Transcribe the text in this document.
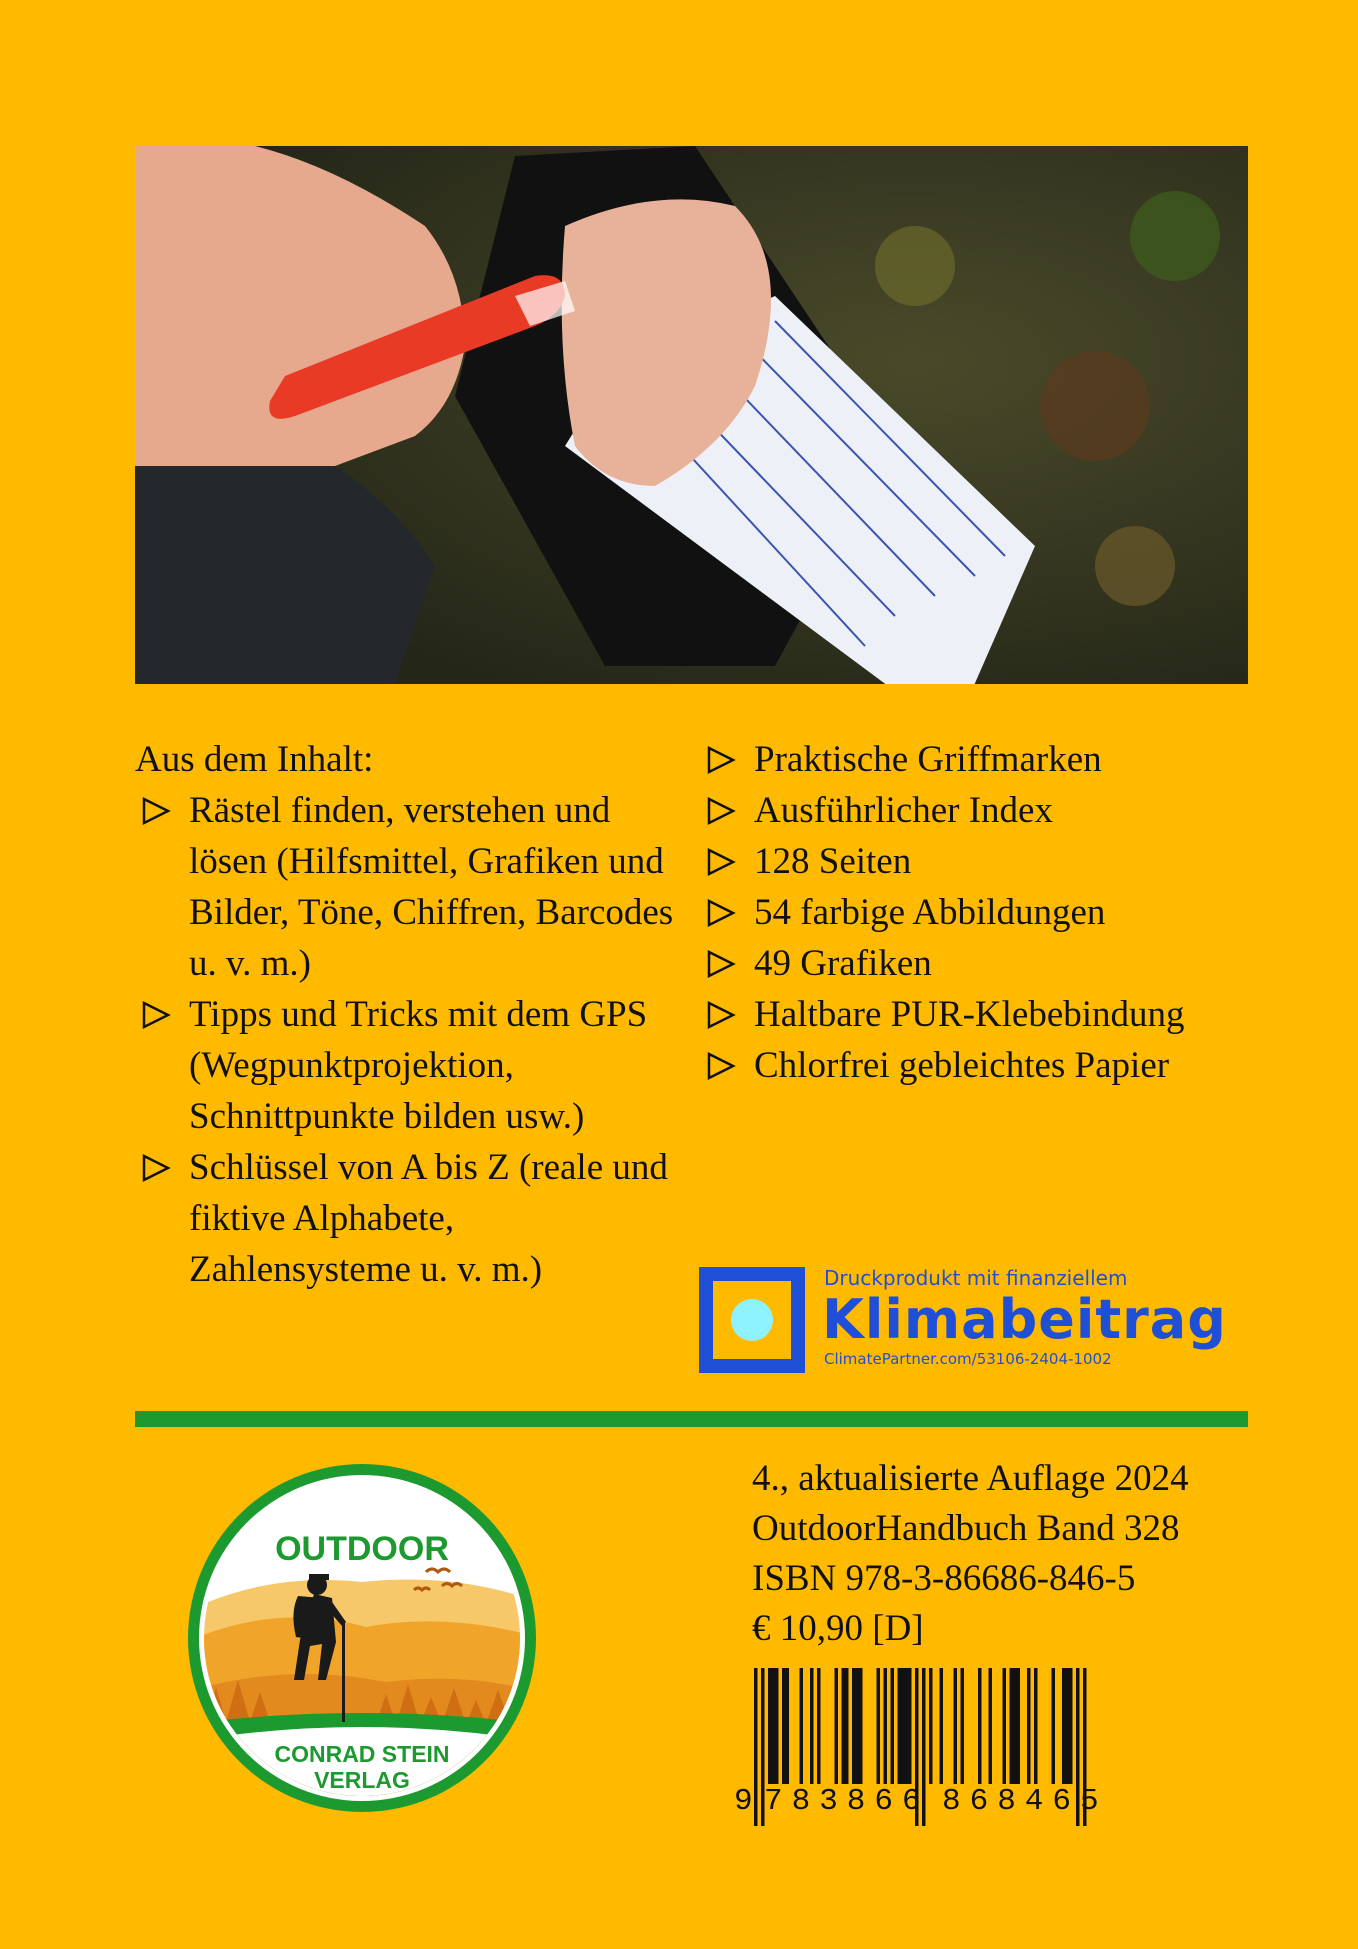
Aus dem Inhalt:
Rästel finden, verstehen und lösen (Hilfsmittel, Grafiken und Bilder, Töne, Chiffren, Barcodes u. v. m.)
Tipps und Tricks mit dem GPS (Wegpunktprojektion, Schnittpunkte bilden usw.)
Schlüssel von A bis Z (reale und fiktive Alphabete, Zahlensysteme u. v. m.)
Praktische Griffmarken
Ausführlicher Index
128 Seiten
54 farbige Abbildungen
49 Grafiken
Haltbare PUR-Klebebindung
Chlorfrei gebleichtes Papier
Druckprodukt mit finanziellem
Klimabeitrag
ClimatePartner.com/53106-2404-1002
OUTDOOR
CONRAD STEIN
VERLAG
4., aktualisierte Auflage 2024
OutdoorHandbuch Band 328
ISBN 978-3-86686-846-5
€ 10,90 [D]
9 783866 868465
